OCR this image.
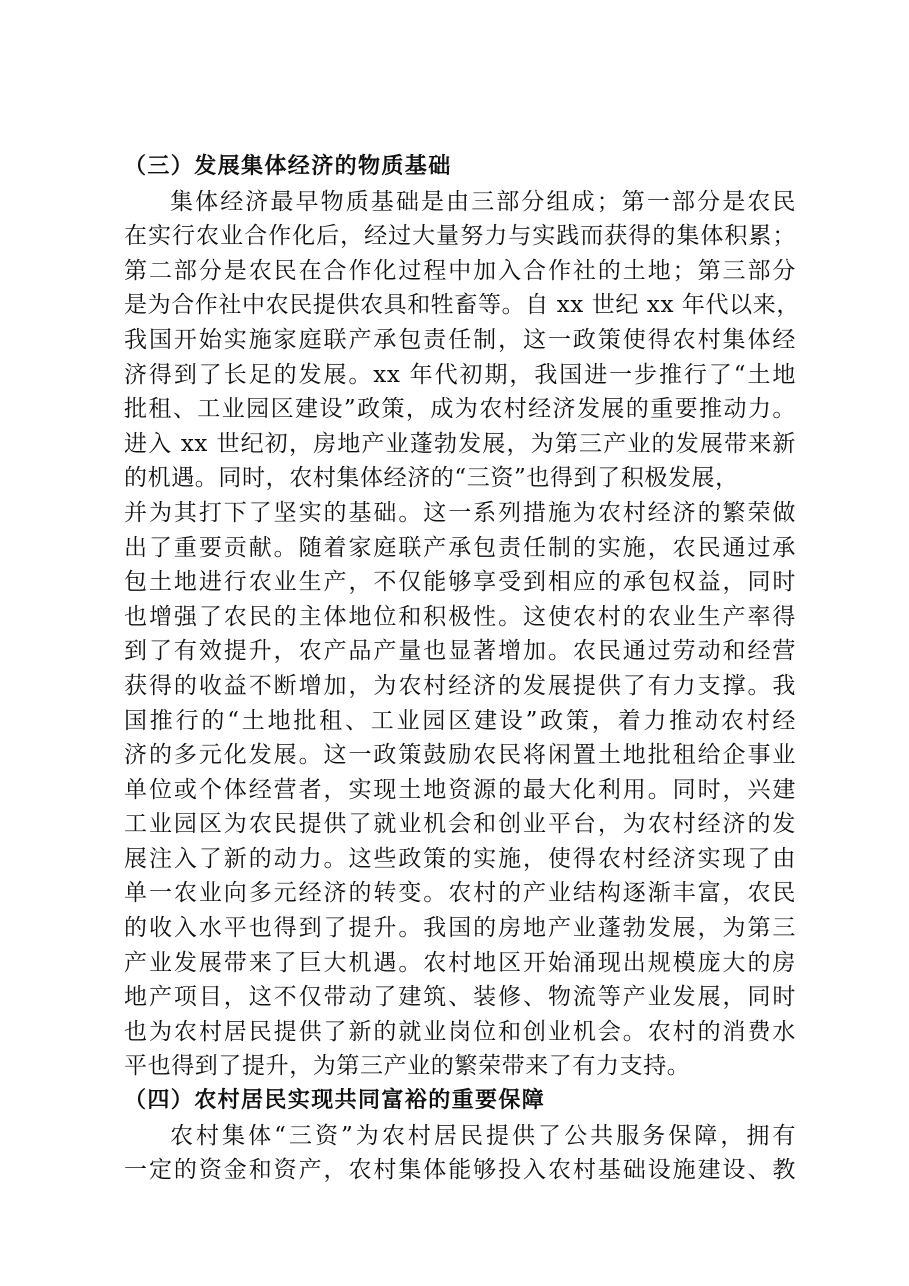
（三）发展集体经济的物质基础
集体经济最早物质基础是由三部分组成；第一部分是农民
在实行农业合作化后，经过大量努力与实践而获得的集体积累；
第二部分是农民在合作化过程中加入合作社的土地；第三部分
是为合作社中农民提供农具和牲畜等。自 xx 世纪 xx 年代以来，
我国开始实施家庭联产承包责任制，这一政策使得农村集体经
济得到了长足的发展。xx 年代初期，我国进一步推行了“土地
批租、工业园区建设”政策，成为农村经济发展的重要推动力。
进入 xx 世纪初，房地产业蓬勃发展，为第三产业的发展带来新
的机遇。同时，农村集体经济的“三资”也得到了积极发展，
并为其打下了坚实的基础。这一系列措施为农村经济的繁荣做
出了重要贡献。随着家庭联产承包责任制的实施，农民通过承
包土地进行农业生产，不仅能够享受到相应的承包权益，同时
也增强了农民的主体地位和积极性。这使农村的农业生产率得
到了有效提升，农产品产量也显著增加。农民通过劳动和经营
获得的收益不断增加，为农村经济的发展提供了有力支撑。我
国推行的“土地批租、工业园区建设”政策，着力推动农村经
济的多元化发展。这一政策鼓励农民将闲置土地批租给企事业
单位或个体经营者，实现土地资源的最大化利用。同时，兴建
工业园区为农民提供了就业机会和创业平台，为农村经济的发
展注入了新的动力。这些政策的实施，使得农村经济实现了由
单一农业向多元经济的转变。农村的产业结构逐渐丰富，农民
的收入水平也得到了提升。我国的房地产业蓬勃发展，为第三
产业发展带来了巨大机遇。农村地区开始涌现出规模庞大的房
地产项目，这不仅带动了建筑、装修、物流等产业发展，同时
也为农村居民提供了新的就业岗位和创业机会。农村的消费水
平也得到了提升，为第三产业的繁荣带来了有力支持。
（四）农村居民实现共同富裕的重要保障
农村集体“三资”为农村居民提供了公共服务保障，拥有
一定的资金和资产，农村集体能够投入农村基础设施建设、教
